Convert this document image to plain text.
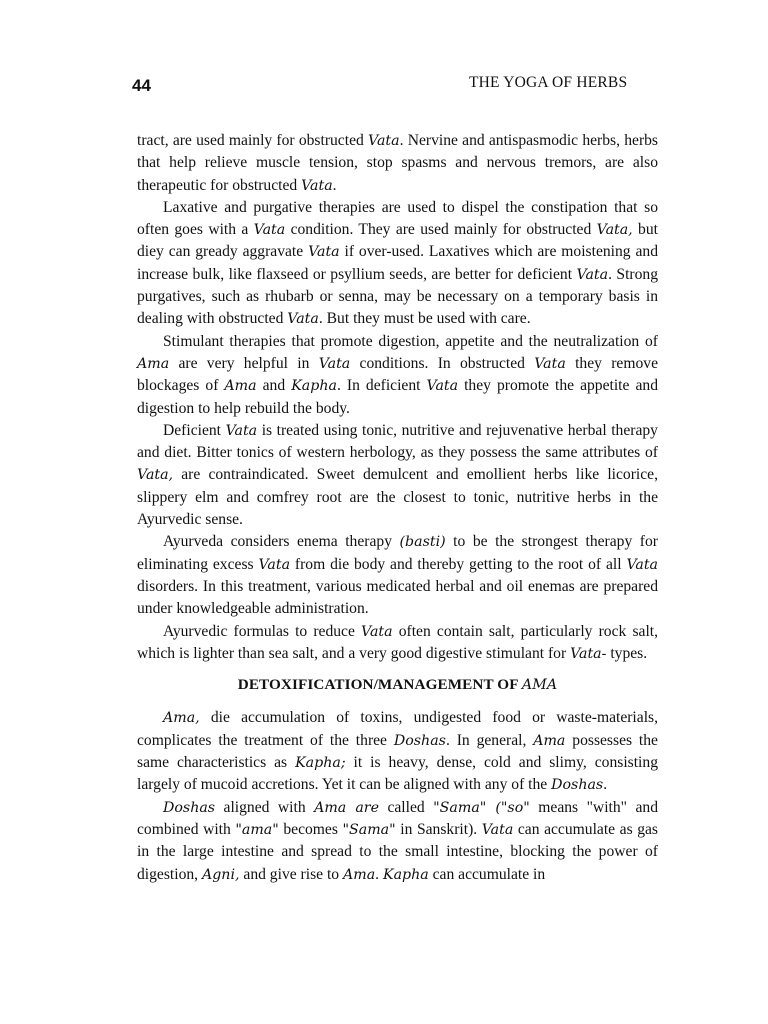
44	THE YOGA OF HERBS

tract, are used mainly for obstructed Vata. Nervine and antispasmodic herbs, herbs that help relieve muscle tension, stop spasms and nervous tremors, are also therapeutic for obstructed Vata.

Laxative and purgative therapies are used to dispel the constipation that so often goes with a Vata condition. They are used mainly for obstructed Vata, but diey can gready aggravate Vata if over-used. Laxatives which are moistening and increase bulk, like flaxseed or psyllium seeds, are better for deficient Vata. Strong purgatives, such as rhubarb or senna, may be necessary on a temporary basis in dealing with obstructed Vata. But they must be used with care.

Stimulant therapies that promote digestion, appetite and the neutralization of Ama are very helpful in Vata conditions. In obstructed Vata they remove blockages of Ama and Kapha. In deficient Vata they promote the appetite and digestion to help rebuild the body.

Deficient Vata is treated using tonic, nutritive and rejuvenative herbal therapy and diet. Bitter tonics of western herbology, as they possess the same attributes of Vata, are contraindicated. Sweet demulcent and emollient herbs like licorice, slippery elm and comfrey root are the closest to tonic, nutritive herbs in the Ayurvedic sense.

Ayurveda considers enema therapy (basti) to be the strongest therapy for eliminating excess Vata from die body and thereby getting to the root of all Vata disorders. In this treatment, various medicated herbal and oil enemas are prepared under knowledgeable administration.

Ayurvedic formulas to reduce Vata often contain salt, particularly rock salt, which is lighter than sea salt, and a very good digestive stimulant for Vata- types.

DETOXIFICATION/MANAGEMENT OF AMA

Ama, die accumulation of toxins, undigested food or waste-materials, complicates the treatment of the three Doshas. In general, Ama possesses the same characteristics as Kapha; it is heavy, dense, cold and slimy, consisting largely of mucoid accretions. Yet it can be aligned with any of the Doshas.

Doshas aligned with Ama are called "Sama" ("so" means "with" and combined with "ama" becomes "Sama" in Sanskrit). Vata can accumulate as gas in the large intestine and spread to the small intestine, blocking the power of digestion, Agni, and give rise to Ama. Kapha can accumulate in
